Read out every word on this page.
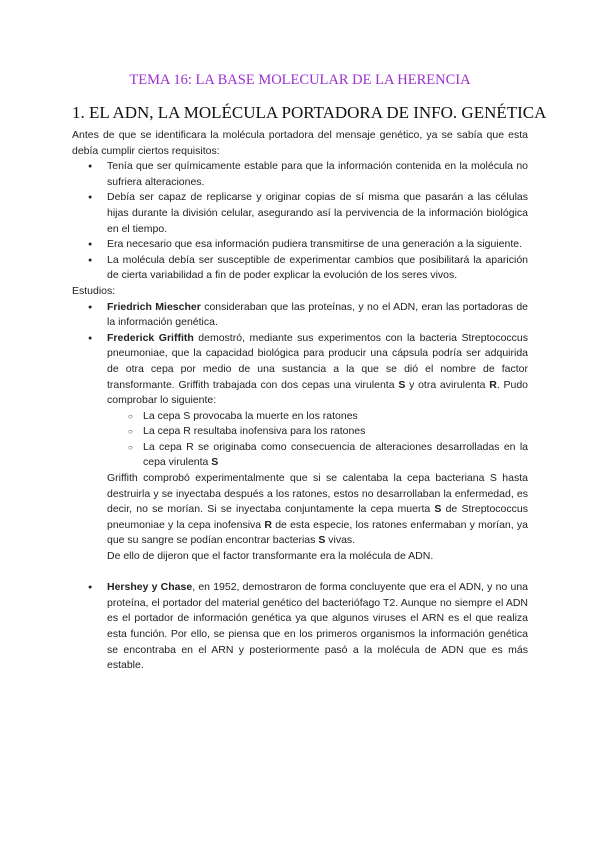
TEMA 16: LA BASE MOLECULAR DE LA HERENCIA
1. EL ADN, LA MOLÉCULA PORTADORA DE INFO. GENÉTICA

Antes de que se identificara la molécula portadora del mensaje genético, ya se sabía que esta debía cumplir ciertos requisitos:

● Tenía que ser químicamente estable para que la información contenida en la molécula no sufriera alteraciones.
● Debía ser capaz de replicarse y originar copias de sí misma que pasarán a las células hijas durante la división celular, asegurando así la pervivencia de la información biológica en el tiempo.
● Era necesario que esa información pudiera transmitirse de una generación a la siguiente.
● La molécula debía ser susceptible de experimentar cambios que posibilitará la aparición de cierta variabilidad a fin de poder explicar la evolución de los seres vivos.

Estudios:

● Friedrich Miescher consideraban que las proteínas, y no el ADN, eran las portadoras de la información genética.
● Frederick Griffith demostró, mediante sus experimentos con la bacteria Streptococcus pneumoniae, que la capacidad biológica para producir una cápsula podría ser adquirida de otra cepa por medio de una sustancia a la que se dió el nombre de factor transformante. Griffith trabajada con dos cepas una virulenta S y otra avirulenta R. Pudo comprobar lo siguiente:
○ La cepa S provocaba la muerte en los ratones
○ La cepa R resultaba inofensiva para los ratones
○ La cepa R se originaba como consecuencia de alteraciones desarrolladas en la cepa virulenta S

Griffith comprobó experimentalmente que si se calentaba la cepa bacteriana S hasta destruirla y se inyectaba después a los ratones, estos no desarrollaban la enfermedad, es decir, no se morían. Si se inyectaba conjuntamente la cepa muerta S de Streptococcus pneumoniae y la cepa inofensiva R de esta especie, los ratones enfermaban y morían, ya que su sangre se podían encontrar bacterias S vivas.

De ello de dijeron que el factor transformante era la molécula de ADN.

● Hershey y Chase, en 1952, demostraron de forma concluyente que era el ADN, y no una proteína, el portador del material genético del bacteriófago T2. Aunque no siempre el ADN es el portador de información genética ya que algunos viruses el ARN es el que realiza esta función. Por ello, se piensa que en los primeros organismos la información genética se encontraba en el ARN y posteriormente pasó a la molécula de ADN que es más estable.
